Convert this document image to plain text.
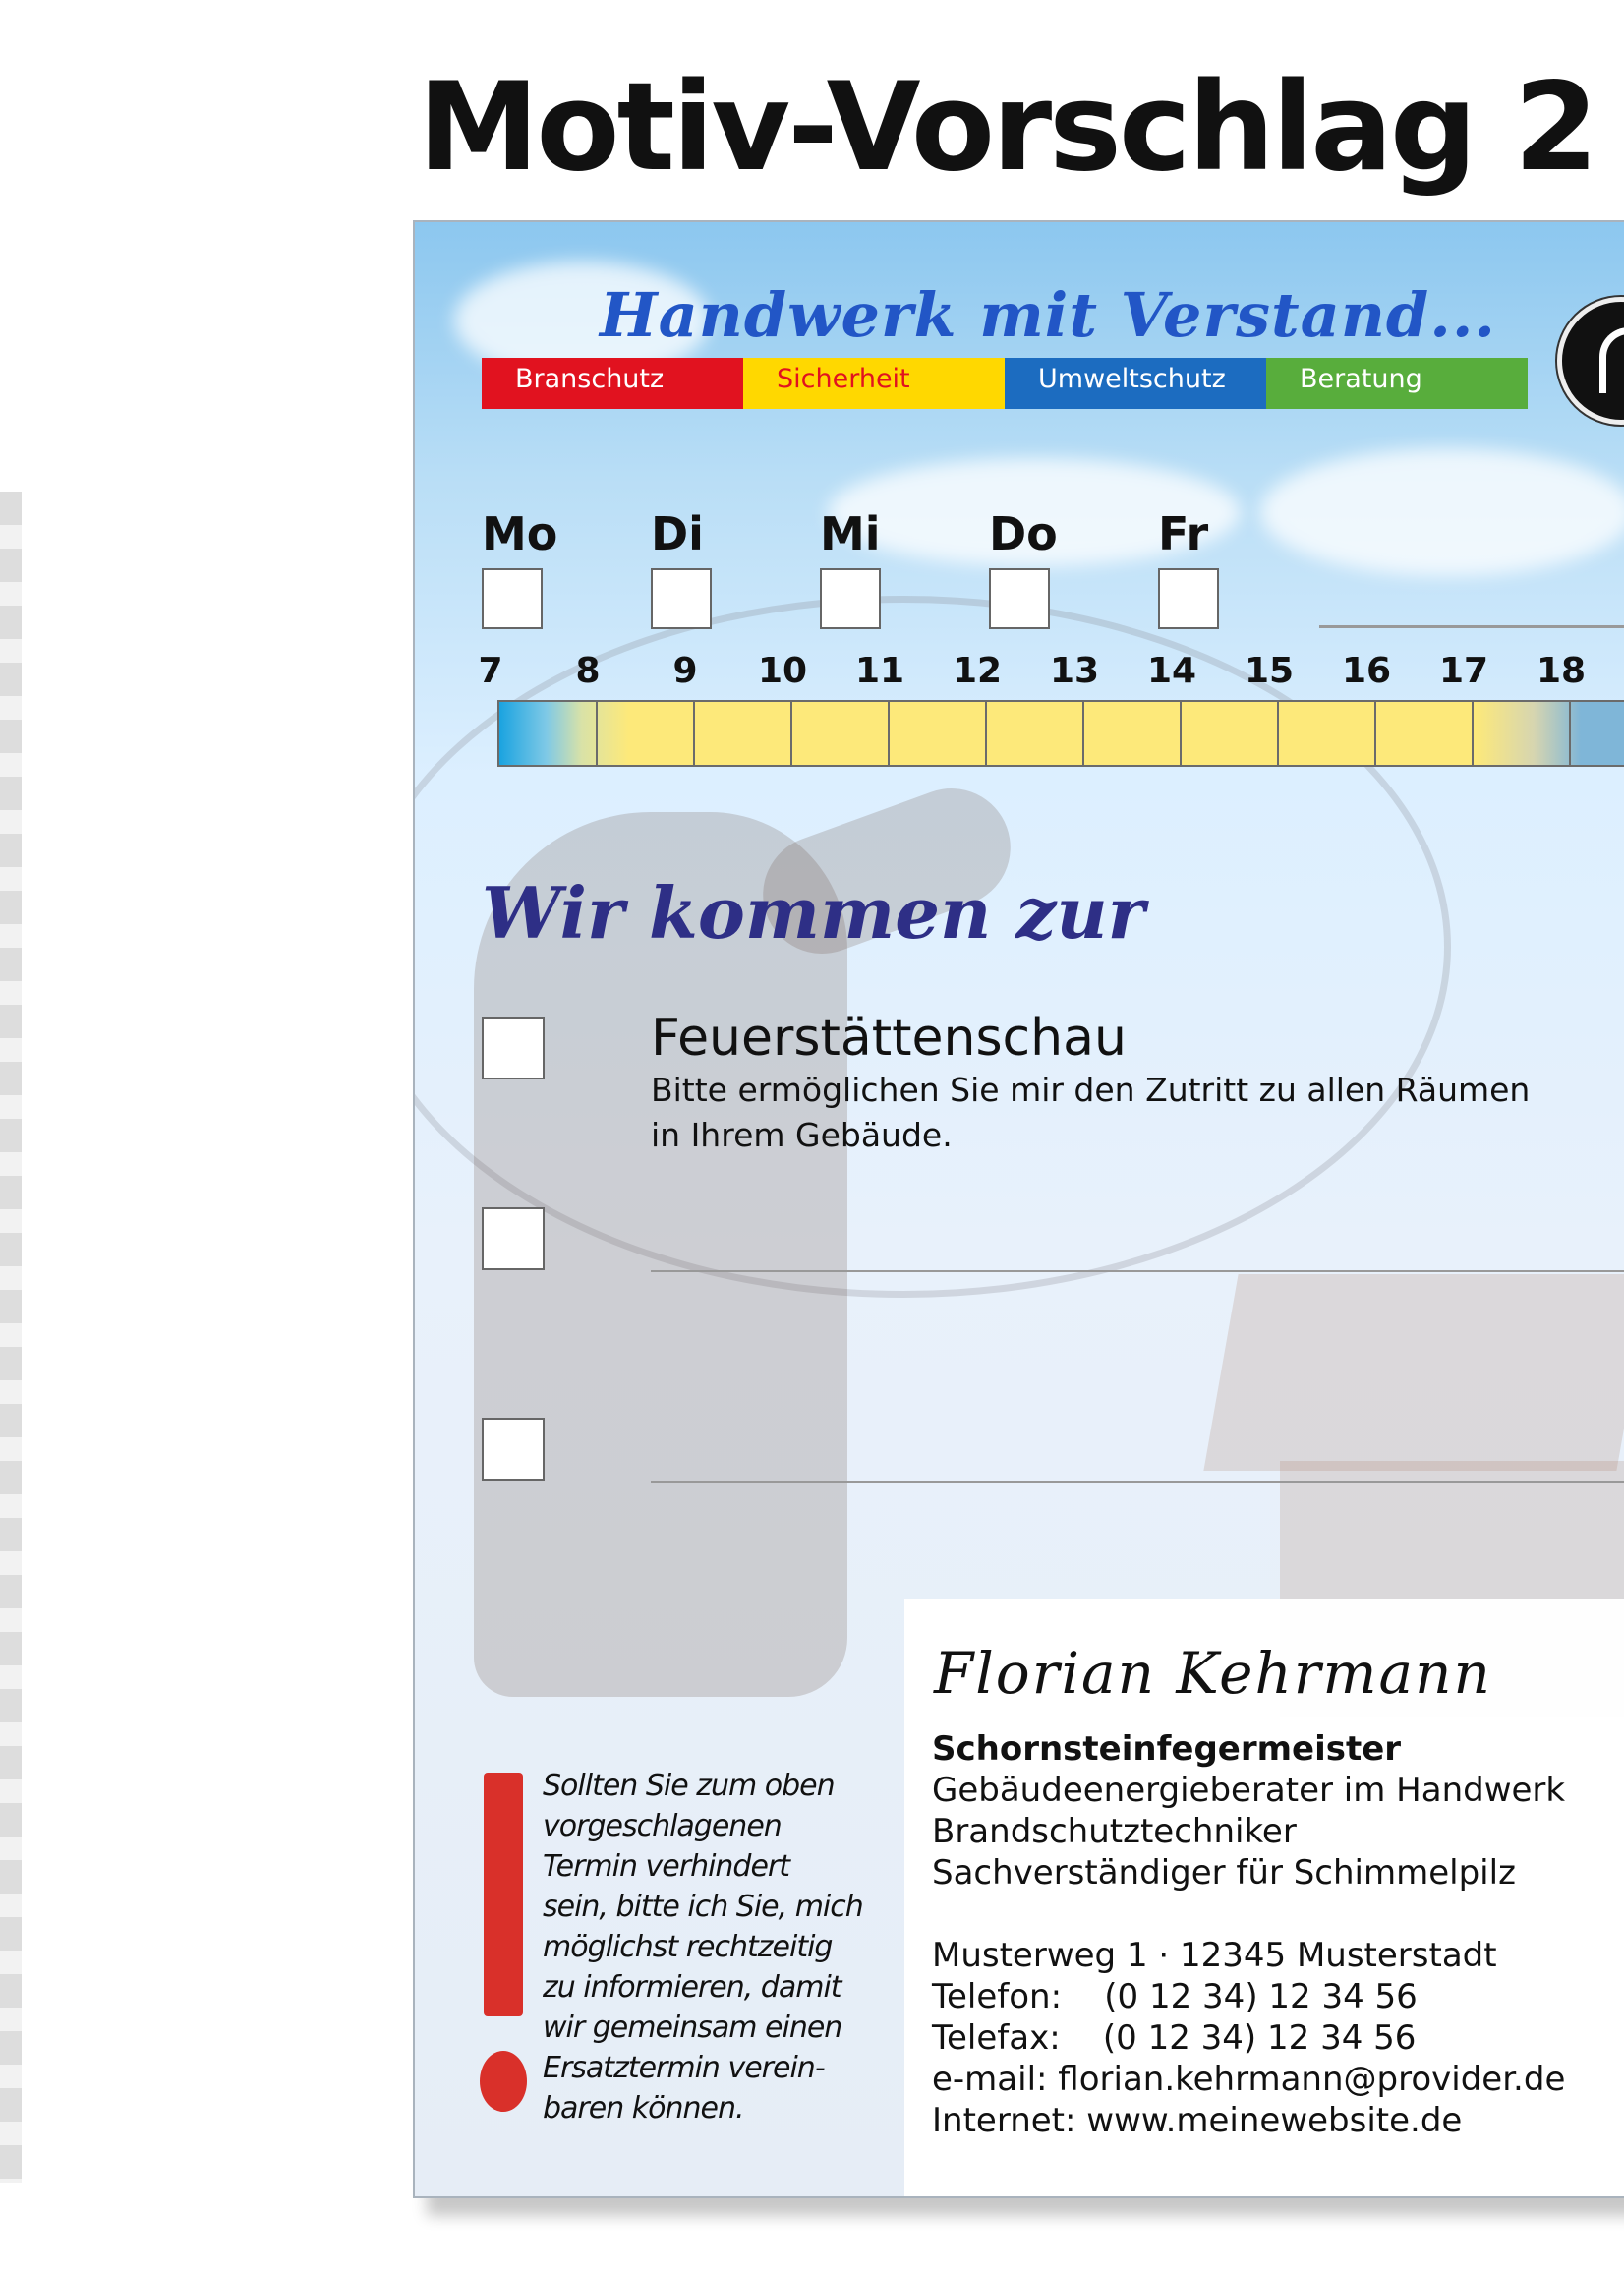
Motiv-Vorschlag 2
Handwerk mit Verstand...
Branschutz	Sicherheit	Umweltschutz	Beratung
Mo Di	Mi	Do Fr
7 8 9 10 11 12 13 14 15 16 17 18
Wir kommen zur
Feuerstättenschau
Bitte ermöglichen Sie mir den Zutritt zu allen Räumen
in Ihrem Gebäude.
Sollten Sie zum oben
vorgeschlagenen
Termin verhindert
sein, bitte ich Sie, mich
möglichst rechtzeitig
zu informieren, damit
wir gemeinsam einen
Ersatztermin verein-
baren können.
Florian Kehrmann
Schornsteinfegermeister
Gebäudeenergieberater im Handwerk
Brandschutztechniker
Sachverständiger für Schimmelpilz
Musterweg 1 · 12345 Musterstadt
Telefon:    (0 12 34) 12 34 56
Telefax:    (0 12 34) 12 34 56
e-mail: florian.kehrmann@provider.de
Internet: www.meinewebsite.de
